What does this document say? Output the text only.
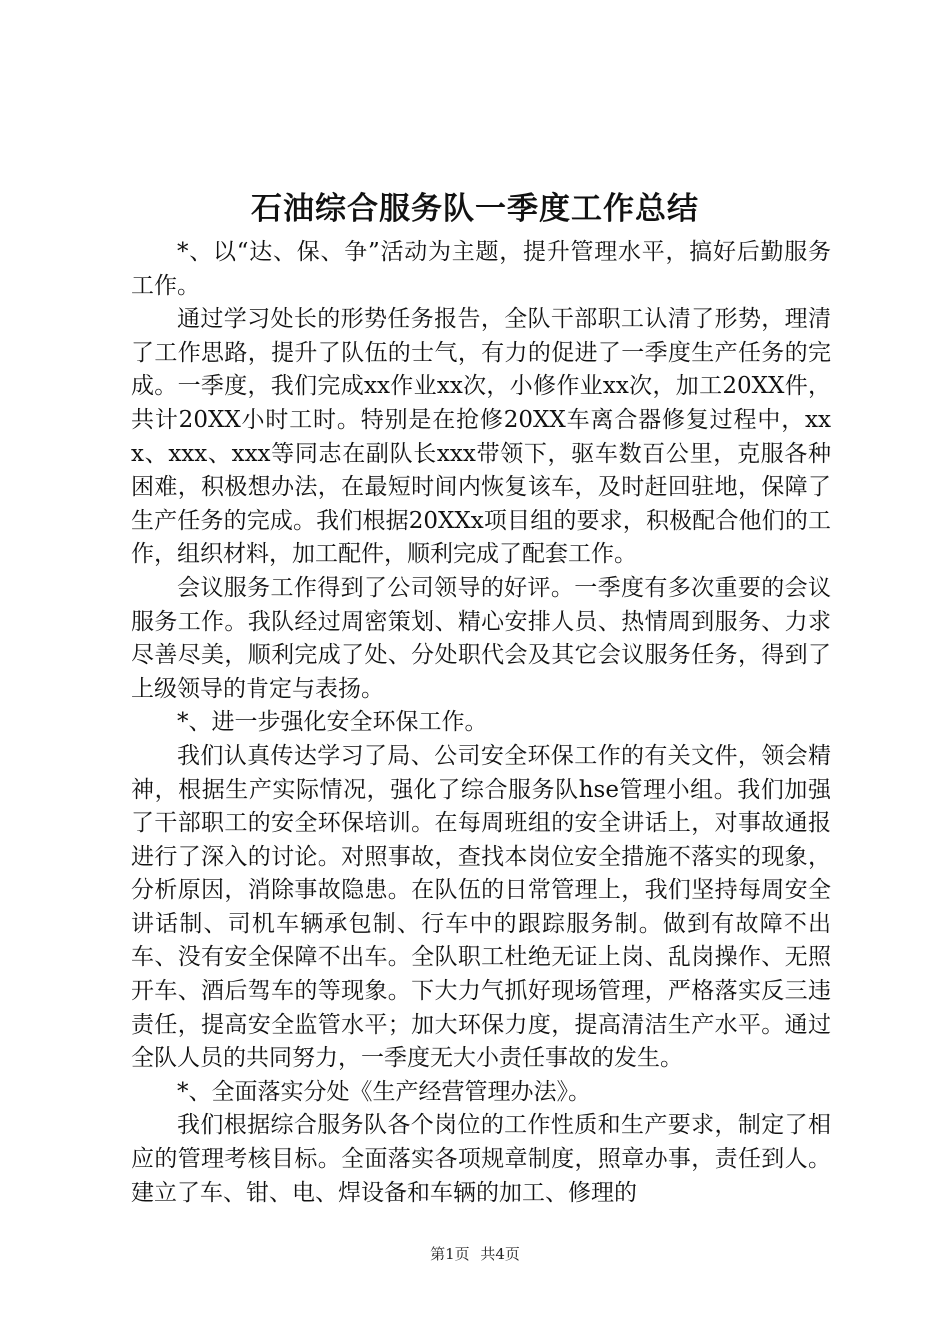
石油综合服务队一季度工作总结

*、以“达、保、争”活动为主题，提升管理水平，搞好后勤服务工作。

通过学习处长的形势任务报告，全队干部职工认清了形势，理清了工作思路，提升了队伍的士气，有力的促进了一季度生产任务的完成。一季度，我们完成xx作业xx次，小修作业xx次，加工20XX件，共计20XX小时工时。特别是在抢修20XX车离合器修复过程中，xxx、xxx、xxx等同志在副队长xxx带领下，驱车数百公里，克服各种困难，积极想办法，在最短时间内恢复该车，及时赶回驻地，保障了生产任务的完成。我们根据20XXx项目组的要求，积极配合他们的工作，组织材料，加工配件，顺利完成了配套工作。

会议服务工作得到了公司领导的好评。一季度有多次重要的会议服务工作。我队经过周密策划、精心安排人员、热情周到服务、力求尽善尽美，顺利完成了处、分处职代会及其它会议服务任务，得到了上级领导的肯定与表扬。

*、进一步强化安全环保工作。

我们认真传达学习了局、公司安全环保工作的有关文件，领会精神，根据生产实际情况，强化了综合服务队hse管理小组。我们加强了干部职工的安全环保培训。在每周班组的安全讲话上，对事故通报进行了深入的讨论。对照事故，查找本岗位安全措施不落实的现象，分析原因，消除事故隐患。在队伍的日常管理上，我们坚持每周安全讲话制、司机车辆承包制、行车中的跟踪服务制。做到有故障不出车、没有安全保障不出车。全队职工杜绝无证上岗、乱岗操作、无照开车、酒后驾车的等现象。下大力气抓好现场管理，严格落实反三违责任，提高安全监管水平；加大环保力度，提高清洁生产水平。通过全队人员的共同努力，一季度无大小责任事故的发生。

*、全面落实分处《生产经营管理办法》。

我们根据综合服务队各个岗位的工作性质和生产要求，制定了相应的管理考核目标。全面落实各项规章制度，照章办事，责任到人。建立了车、钳、电、焊设备和车辆的加工、修理的

第1页 共4页
